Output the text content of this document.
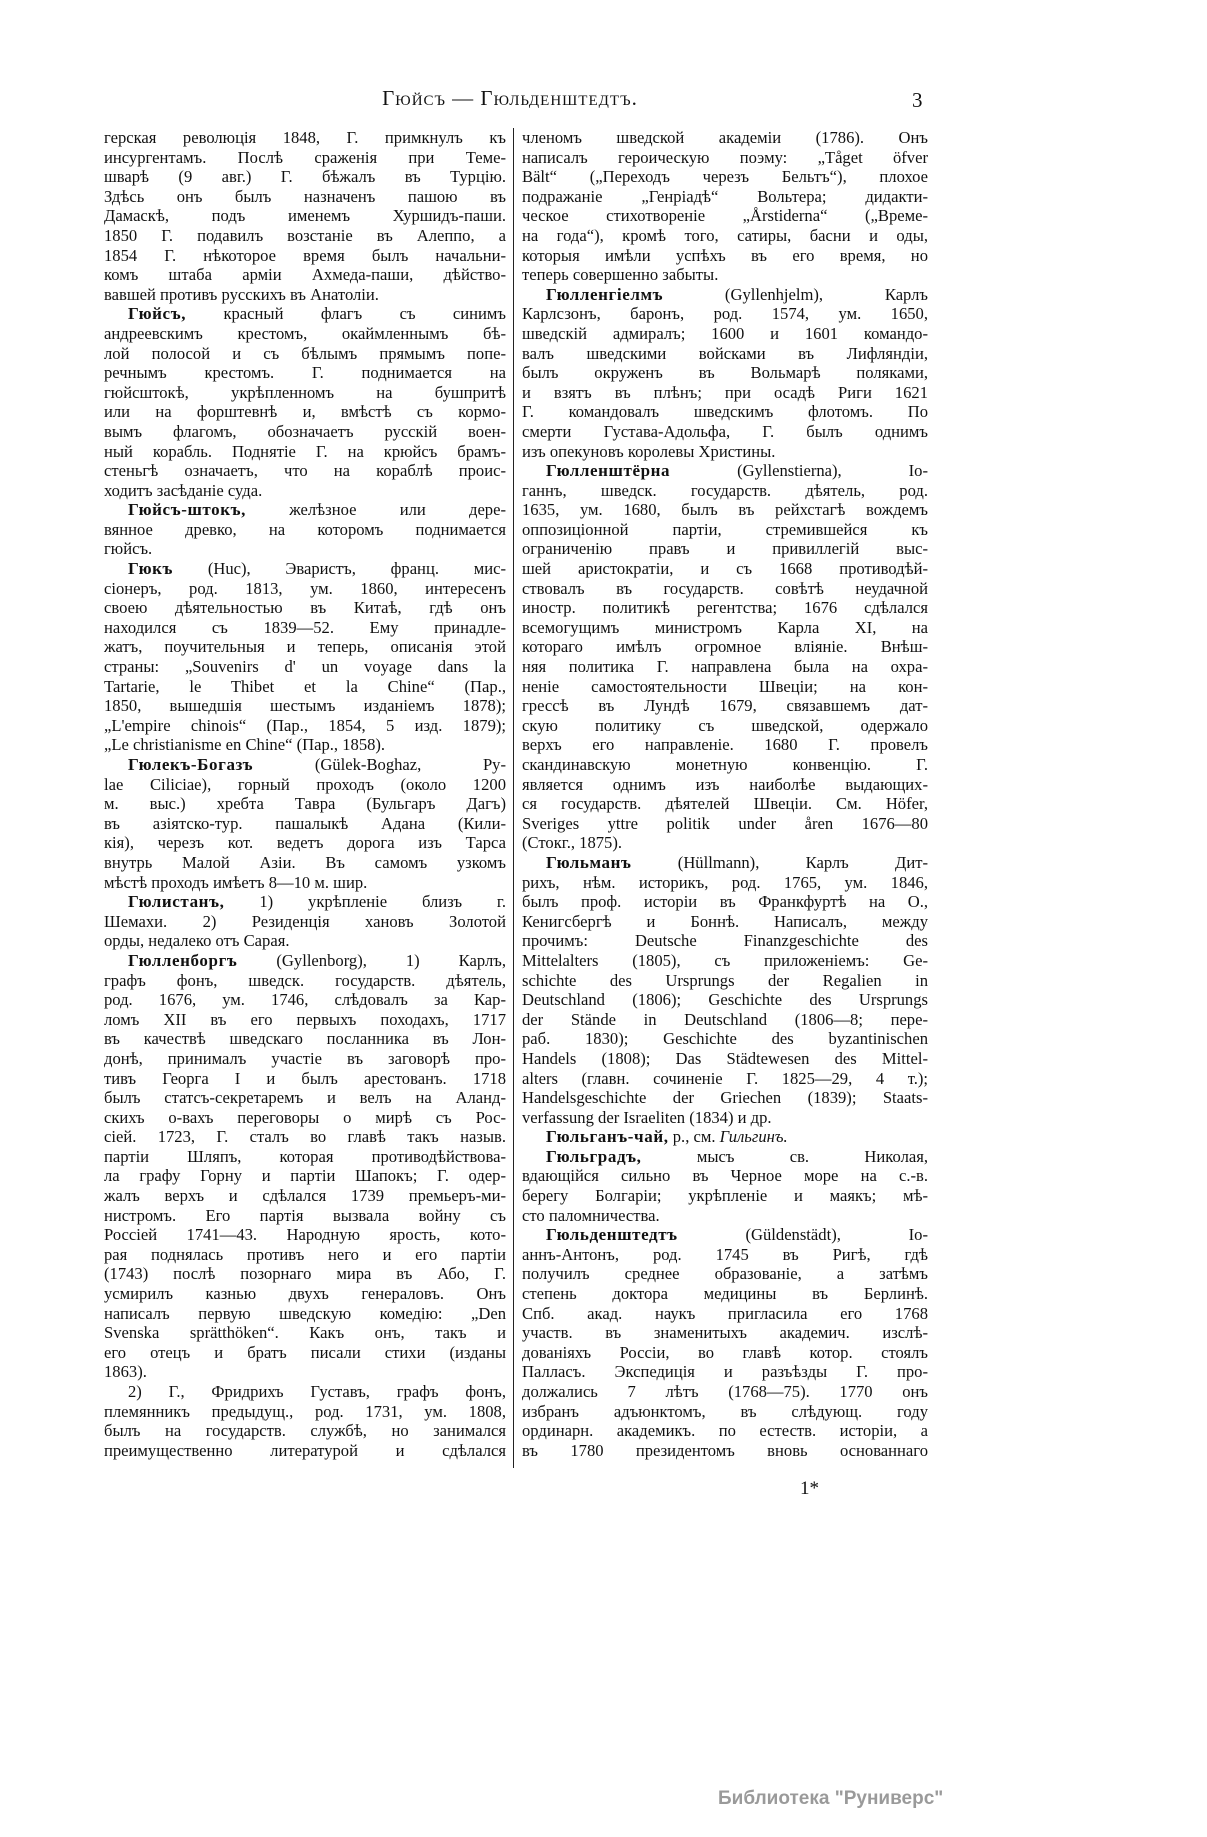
Гюйсъ — Гюльденштедтъ.	3
герская революція 1848, Г. примкнулъ къ
инсургентамъ. Послѣ сраженія при Теме-
шварѣ (9 авг.) Г. бѣжалъ въ Турцію.
Здѣсь онъ былъ назначенъ пашою въ
Дамаскѣ, подъ именемъ Хуршидъ-паши.
1850 Г. подавилъ возстаніе въ Алеппо, а
1854 Г. нѣкоторое время былъ начальни-
комъ штаба арміи Ахмеда-паши, дѣйство-
вавшей противъ русскихъ въ Анатоліи.
Гюйсъ, красный флагъ съ синимъ
андреевскимъ крестомъ, окаймленнымъ бѣ-
лой полосой и съ бѣлымъ прямымъ попе-
речнымъ крестомъ. Г. поднимается на
гюйсштокѣ, укрѣпленномъ на бушпритѣ
или на форштевнѣ и, вмѣстѣ съ кормо-
вымъ флагомъ, обозначаетъ русскій воен-
ный корабль. Поднятіе Г. на крюйсъ брамъ-
стеньгѣ означаетъ, что на кораблѣ проис-
ходитъ засѣданіе суда.
Гюйсъ-штокъ, желѣзное или дере-
вянное древко, на которомъ поднимается
гюйсъ.
Гюкъ (Huc), Эваристъ, франц. мис-
сіонеръ, род. 1813, ум. 1860, интересенъ
своею дѣятельностью въ Китаѣ, гдѣ онъ
находился съ 1839—52. Ему принадле-
жатъ, поучительныя и теперь, описанія этой
страны: „Souvenirs d' un voyage dans la
Tartarie, le Thibet et la Chine“ (Пар.,
1850, вышедшія шестымъ изданіемъ 1878);
„L'empire chinois“ (Пар., 1854, 5 изд. 1879);
„Le christianisme en Chine“ (Пар., 1858).
Гюлекъ-Богазъ (Gülek-Boghaz, Py-
lae Ciliciae), горный проходъ (около 1200
м. выс.) хребта Тавра (Бульгаръ Дагъ)
въ азіятско-тур. пашалыкѣ Адана (Кили-
кія), черезъ кот. ведетъ дорога изъ Тарса
внутрь Малой Азіи. Въ самомъ узкомъ
мѣстѣ проходъ имѣетъ 8—10 м. шир.
Гюлистанъ, 1) укрѣпленіе близъ г.
Шемахи. 2) Резиденція хановъ Золотой
орды, недалеко отъ Сарая.
Гюлленборгъ (Gyllenborg), 1) Карлъ,
графъ фонъ, шведск. государств. дѣятель,
род. 1676, ум. 1746, слѣдовалъ за Кар-
ломъ XII въ его первыхъ походахъ, 1717
въ качествѣ шведскаго посланника въ Лон-
донѣ, принималъ участіе въ заговорѣ про-
тивъ Георга I и былъ арестованъ. 1718
былъ статсъ-секретаремъ и велъ на Аланд-
скихъ о-вахъ переговоры о мирѣ съ Рос-
сіей. 1723, Г. сталъ во главѣ такъ назыв.
партіи Шляпъ, которая противодѣйствова-
ла графу Горну и партіи Шапокъ; Г. одер-
жалъ верхъ и сдѣлался 1739 премьеръ-ми-
нистромъ. Его партія вызвала войну съ
Россіей 1741—43. Народную ярость, кото-
рая поднялась противъ него и его партіи
(1743) послѣ позорнаго мира въ Або, Г.
усмирилъ казнью двухъ генераловъ. Онъ
написалъ первую шведскую комедію: „Den
Svenska sprätthöken“. Какъ онъ, такъ и
его отецъ и братъ писали стихи (изданы
1863).
2) Г., Фридрихъ Густавъ, графъ фонъ,
племянникъ предыдущ., род. 1731, ум. 1808,
былъ на государств. службѣ, но занимался
преимущественно литературой и сдѣлался
членомъ шведской академіи (1786). Онъ
написалъ героическую поэму: „Tåget öfver
Bält“ („Переходъ черезъ Бельтъ“), плохое
подражаніе „Генріадѣ“ Вольтера; дидакти-
ческое стихотвореніе „Årstiderna“ („Време-
на года“), кромѣ того, сатиры, басни и оды,
которыя имѣли успѣхъ въ его время, но
теперь совершенно забыты.
Гюлленгіелмъ (Gyllenhjelm), Карлъ
Карлсзонъ, баронъ, род. 1574, ум. 1650,
шведскій адмиралъ; 1600 и 1601 командо-
валъ шведскими войсками въ Лифляндіи,
былъ окруженъ въ Вольмарѣ поляками,
и взятъ въ плѣнъ; при осадѣ Риги 1621
Г. командовалъ шведскимъ флотомъ. По
смерти Густава-Адольфа, Г. былъ однимъ
изъ опекуновъ королевы Христины.
Гюлленштёрна (Gyllenstierna), Іо-
ганнъ, шведск. государств. дѣятель, род.
1635, ум. 1680, былъ въ рейхстагѣ вождемъ
оппозиціонной партіи, стремившейся къ
ограниченію правъ и привиллегій выс-
шей аристократіи, и съ 1668 противодѣй-
ствовалъ въ государств. совѣтѣ неудачной
иностр. политикѣ регентства; 1676 сдѣлался
всемогущимъ министромъ Карла XI, на
котораго имѣлъ огромное вліяніе. Внѣш-
няя политика Г. направлена была на охра-
неніе самостоятельности Швеціи; на кон-
грессѣ въ Лундѣ 1679, связавшемъ дат-
скую политику съ шведской, одержало
верхъ его направленіе. 1680 Г. провелъ
скандинавскую монетную конвенцію. Г.
является однимъ изъ наиболѣе выдающих-
ся государств. дѣятелей Швеціи. См. Höfer,
Sveriges yttre politik under åren 1676—80
(Стокг., 1875).
Гюльманъ (Hüllmann), Карлъ Дит-
рихъ, нѣм. историкъ, род. 1765, ум. 1846,
былъ проф. исторіи въ Франкфуртѣ на О.,
Кенигсбергѣ и Боннѣ. Написалъ, между
прочимъ: Deutsche Finanzgeschichte des
Mittelalters (1805), съ приложеніемъ: Ge-
schichte des Ursprungs der Regalien in
Deutschland (1806); Geschichte des Ursprungs
der Stände in Deutschland (1806—8; пере-
раб. 1830); Geschichte des byzantinischen
Handels (1808); Das Städtewesen des Mittel-
alters (главн. сочиненіе Г. 1825—29, 4 т.);
Handelsgeschichte der Griechen (1839); Staats-
verfassung der Israeliten (1834) и др.
Гюльганъ-чай, р., см. Гильгинъ.
Гюльградъ, мысъ св. Николая,
вдающійся сильно въ Черное море на с.-в.
берегу Болгаріи; укрѣпленіе и маякъ; мѣ-
сто паломничества.
Гюльденштедтъ (Güldenstädt), Іо-
аннъ-Антонъ, род. 1745 въ Ригѣ, гдѣ
получилъ среднее образованіе, а затѣмъ
степень доктора медицины въ Берлинѣ.
Спб. акад. наукъ пригласила его 1768
участв. въ знаменитыхъ академич. изслѣ-
дованіяхъ Россіи, во главѣ котор. стоялъ
Палласъ. Экспедиція и разъѣзды Г. про-
должались 7 лѣтъ (1768—75). 1770 онъ
избранъ адъюнктомъ, въ слѣдующ. году
ординарн. академикъ. по естеств. исторіи, а
въ 1780 президентомъ вновь основаннаго
1*
Библиотека "Руниверс"
